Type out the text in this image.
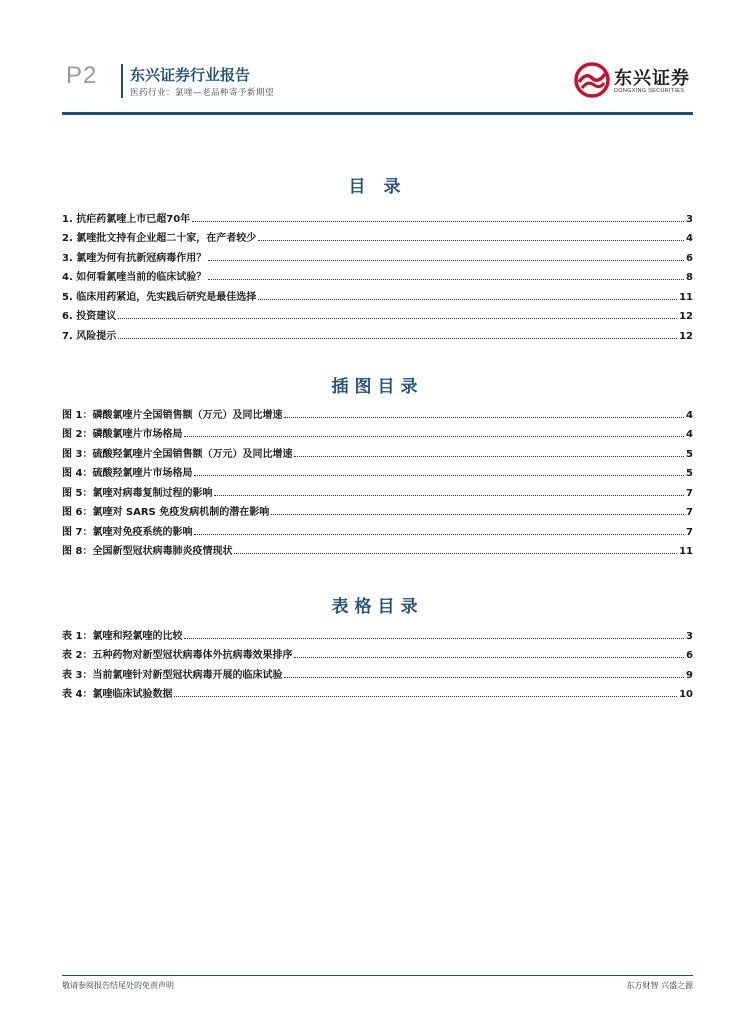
P2 东兴证券行业报告
医药行业：氯喹—老品种寄予新期望
东兴证券
DONGXING SECURITIES
目 录
1. 抗疟药氯喹上市已超70年	3
2. 氯喹批文持有企业超二十家，在产者较少	4
3. 氯喹为何有抗新冠病毒作用？	6
4. 如何看氯喹当前的临床试验？	8
5. 临床用药紧迫，先实践后研究是最佳选择	11
6. 投资建议	12
7. 风险提示	12
插图目录
图 1：磷酸氯喹片全国销售额（万元）及同比增速	4
图 2：磷酸氯喹片市场格局	4
图 3：硫酸羟氯喹片全国销售额（万元）及同比增速	5
图 4：硫酸羟氯喹片市场格局	5
图 5：氯喹对病毒复制过程的影响	7
图 6：氯喹对 SARS 免疫发病机制的潜在影响	7
图 7：氯喹对免疫系统的影响	7
图 8：全国新型冠状病毒肺炎疫情现状	11
表格目录
表 1：氯喹和羟氯喹的比较	3
表 2：五种药物对新型冠状病毒体外抗病毒效果排序	6
表 3：当前氯喹针对新型冠状病毒开展的临床试验	9
表 4：氯喹临床试验数据	10
敬请参阅报告结尾处的免责声明	东方财智 兴盛之源
